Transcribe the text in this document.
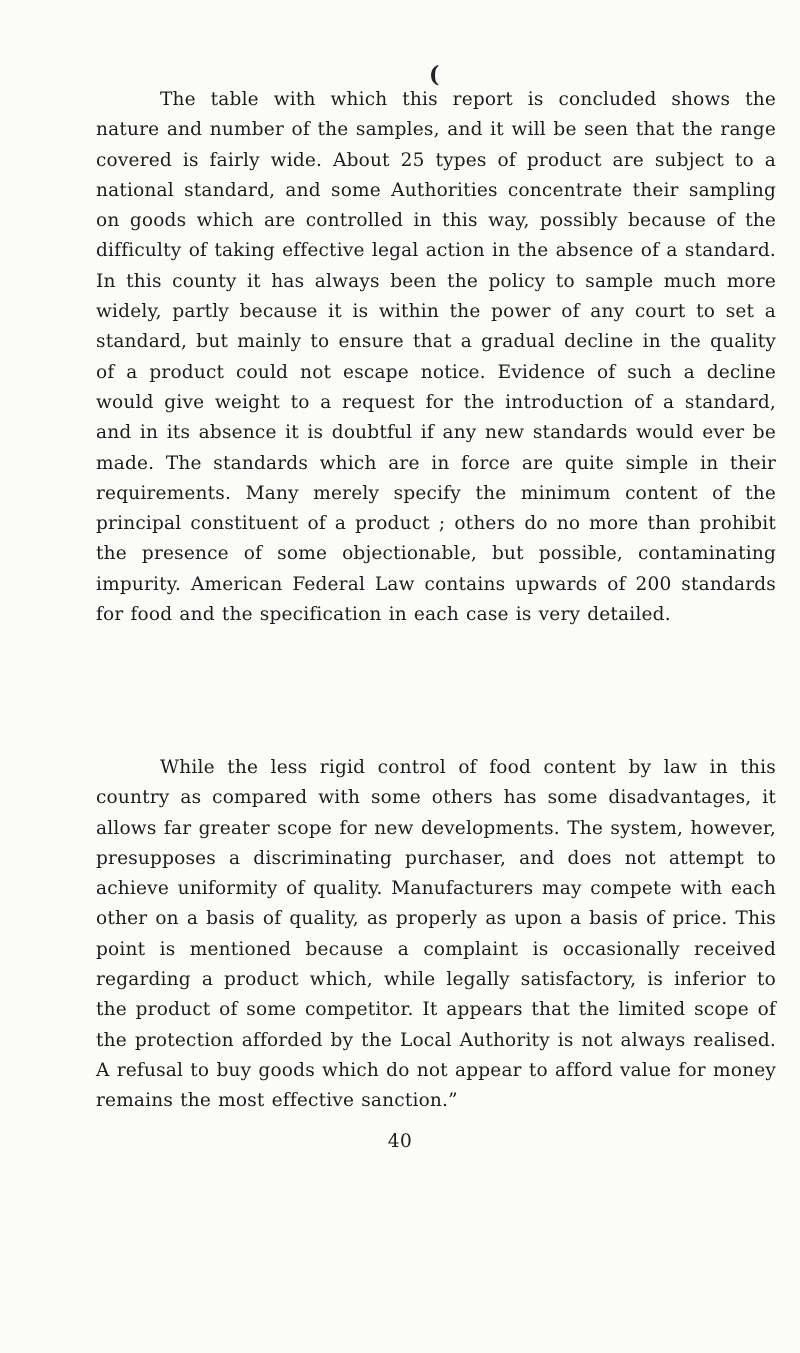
(

The table with which this report is concluded shows the nature and number of the samples, and it will be seen that the range covered is fairly wide. About 25 types of product are subject to a national standard, and some Authorities concentrate their sampling on goods which are controlled in this way, possibly because of the difficulty of taking effective legal action in the absence of a standard. In this county it has always been the policy to sample much more widely, partly because it is within the power of any court to set a standard, but mainly to ensure that a gradual decline in the quality of a product could not escape notice. Evidence of such a decline would give weight to a request for the introduction of a standard, and in its absence it is doubtful if any new standards would ever be made. The standards which are in force are quite simple in their requirements. Many merely specify the minimum content of the principal constituent of a product ; others do no more than prohibit the presence of some objectionable, but possible, contaminating impurity. American Federal Law contains upwards of 200 standards for food and the specification in each case is very detailed.

While the less rigid control of food content by law in this country as compared with some others has some disadvantages, it allows far greater scope for new developments. The system, however, presupposes a discriminating purchaser, and does not attempt to achieve uniformity of quality. Manufacturers may compete with each other on a basis of quality, as properly as upon a basis of price. This point is mentioned because a complaint is occasionally received regarding a product which, while legally satisfactory, is inferior to the product of some competitor. It appears that the limited scope of the protection afforded by the Local Authority is not always realised. A refusal to buy goods which do not appear to afford value for money remains the most effective sanction.”

40
